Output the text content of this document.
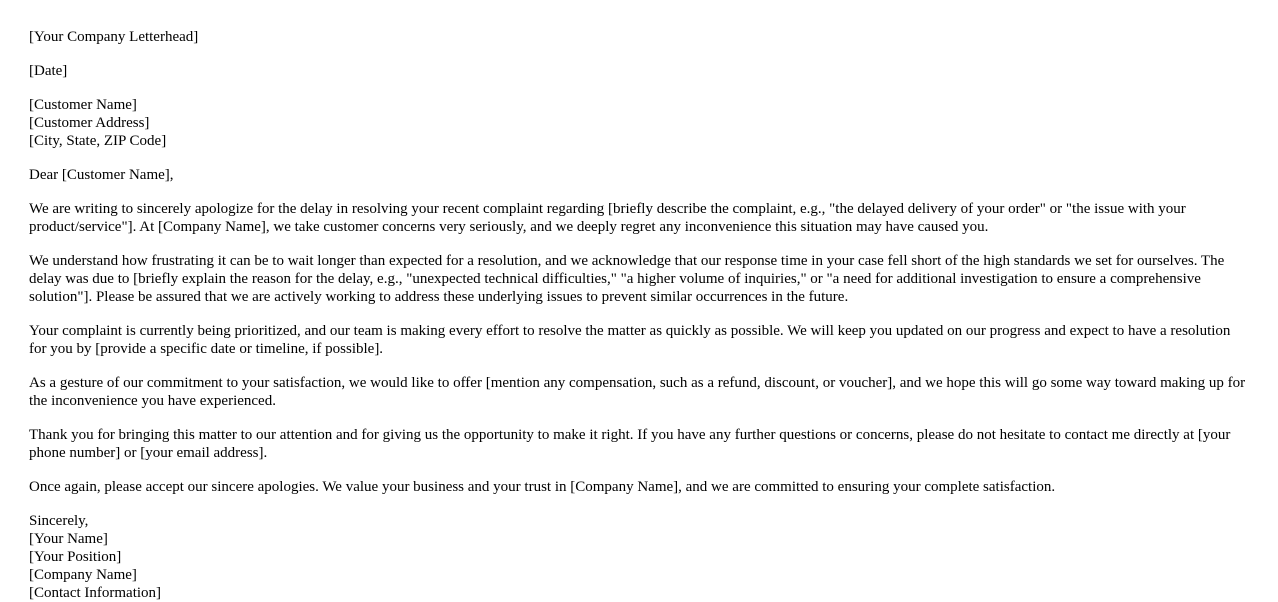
[Your Company Letterhead]

[Date]

[Customer Name]
[Customer Address]
[City, State, ZIP Code]

Dear [Customer Name],

We are writing to sincerely apologize for the delay in resolving your recent complaint regarding [briefly describe the complaint, e.g., "the delayed delivery of your order" or "the issue with your product/service"]. At [Company Name], we take customer concerns very seriously, and we deeply regret any inconvenience this situation may have caused you.

We understand how frustrating it can be to wait longer than expected for a resolution, and we acknowledge that our response time in your case fell short of the high standards we set for ourselves. The delay was due to [briefly explain the reason for the delay, e.g., "unexpected technical difficulties," "a higher volume of inquiries," or "a need for additional investigation to ensure a comprehensive solution"]. Please be assured that we are actively working to address these underlying issues to prevent similar occurrences in the future.

Your complaint is currently being prioritized, and our team is making every effort to resolve the matter as quickly as possible. We will keep you updated on our progress and expect to have a resolution for you by [provide a specific date or timeline, if possible].

As a gesture of our commitment to your satisfaction, we would like to offer [mention any compensation, such as a refund, discount, or voucher], and we hope this will go some way toward making up for the inconvenience you have experienced.

Thank you for bringing this matter to our attention and for giving us the opportunity to make it right. If you have any further questions or concerns, please do not hesitate to contact me directly at [your phone number] or [your email address].

Once again, please accept our sincere apologies. We value your business and your trust in [Company Name], and we are committed to ensuring your complete satisfaction.

Sincerely,
[Your Name]
[Your Position]
[Company Name]
[Contact Information]
